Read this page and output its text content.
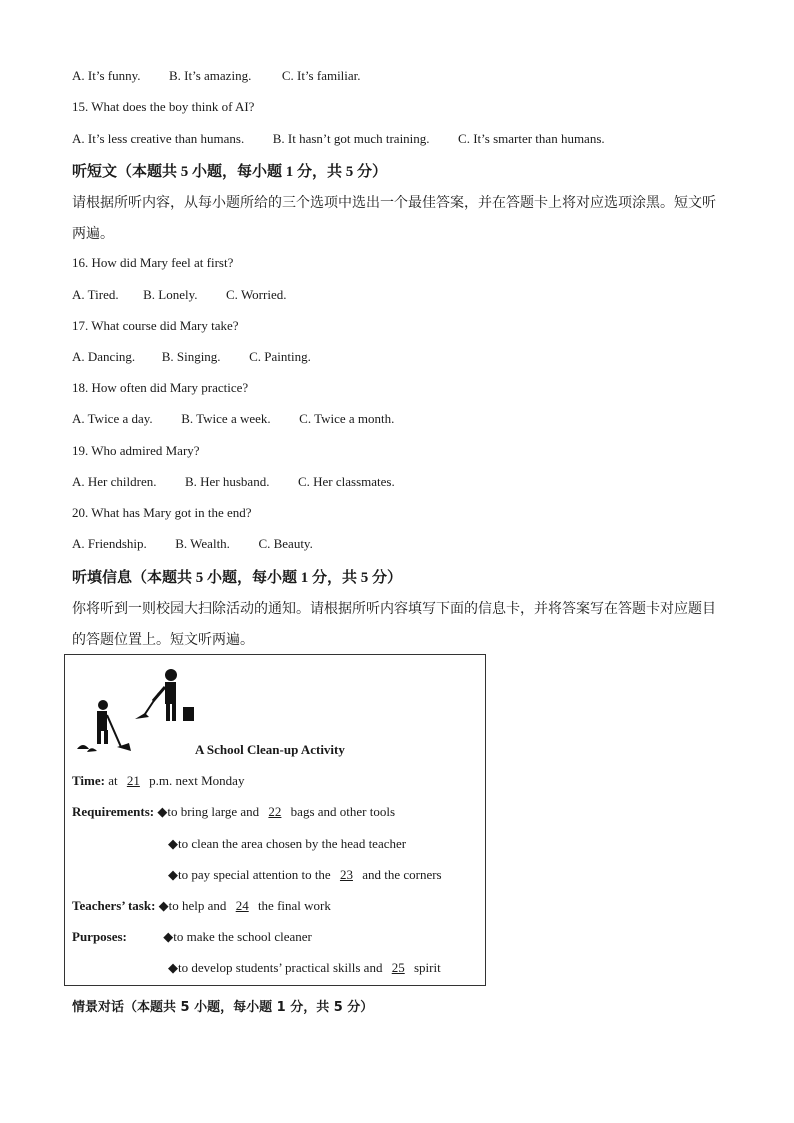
A. It’s funny. B. It’s amazing. C. It’s familiar.
15. What does the boy think of AI?
A. It’s less creative than humans. B. It hasn’t got much training. C. It’s smarter than humans.
听短文（本题共 5 小题，每小题 1 分，共 5 分）
请根据所听内容，从每小题所给的三个选项中选出一个最佳答案，并在答题卡上将对应选项涂黑。短文听
两遍。
16. How did Mary feel at first?
A. Tired. B. Lonely. C. Worried.
17. What course did Mary take?
A. Dancing. B. Singing. C. Painting.
18. How often did Mary practice?
A. Twice a day. B. Twice a week. C. Twice a month.
19. Who admired Mary?
A. Her children. B. Her husband. C. Her classmates.
20. What has Mary got in the end?
A. Friendship. B. Wealth. C. Beauty.
听填信息（本题共 5 小题，每小题 1 分，共 5 分）
你将听到一则校园大扫除活动的通知。请根据所听内容填写下面的信息卡，并将答案写在答题卡对应题目
的答题位置上。短文听两遍。
A School Clean-up Activity
Time: at 21 p.m. next Monday
Requirements: ◆to bring large and 22 bags and other tools
◆to clean the area chosen by the head teacher
◆to pay special attention to the 23 and the corners
Teachers’ task: ◆to help and 24 the final work
Purposes:	◆to make the school cleaner
◆to develop students’ practical skills and 25 spirit
情景对话（本题共 5 小题，每小题 1 分，共 5 分）
